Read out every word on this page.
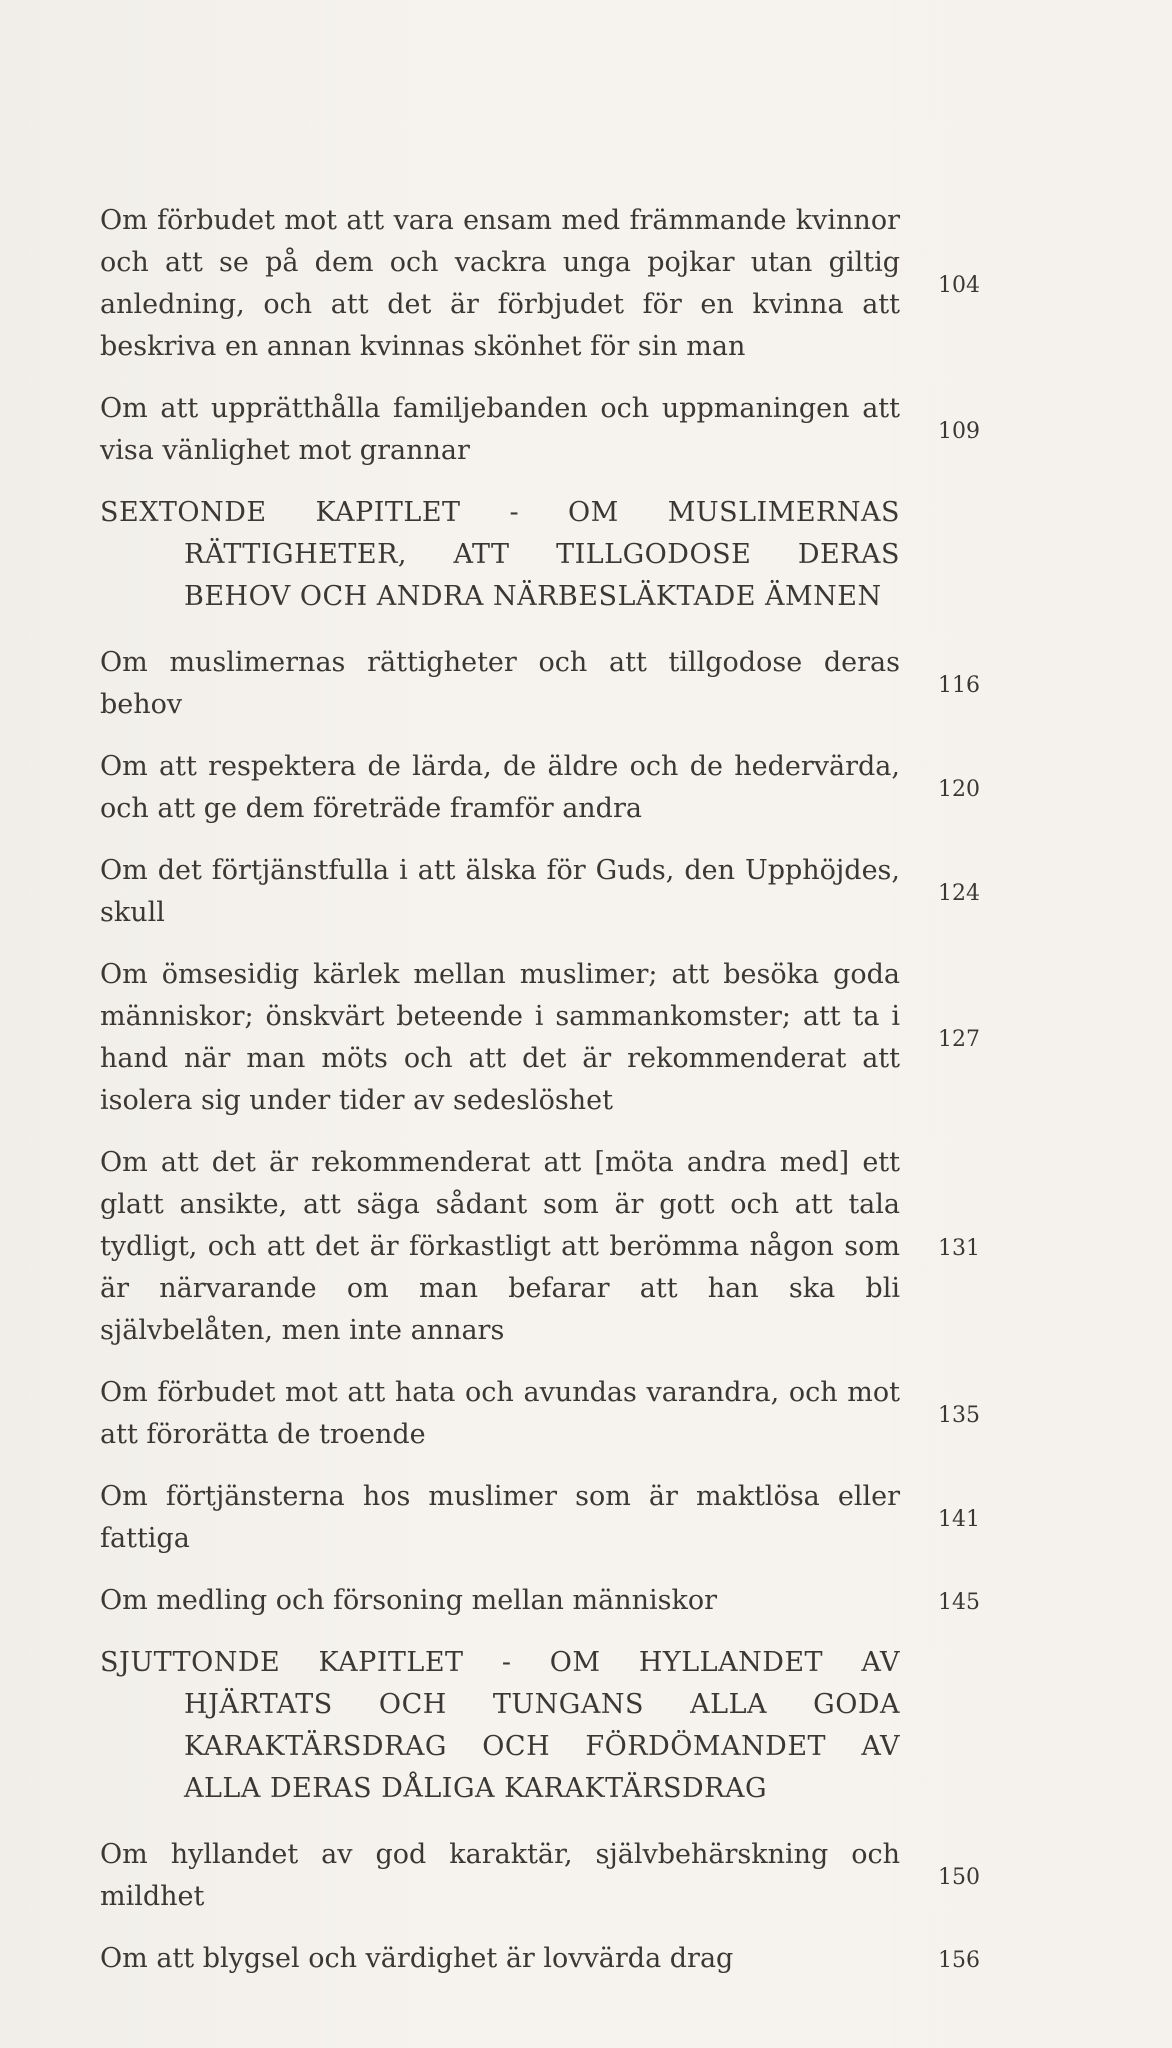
Om förbudet mot att vara ensam med främmande kvinnor och att se på dem och vackra unga pojkar utan giltig anledning, och att det är förbjudet för en kvinna att beskriva en annan kvinnas skönhet för sin man
104
Om att upprätthålla familjebanden och uppmaningen att visa vänlighet mot grannar
109
SEXTONDE KAPITLET - OM MUSLIMERNAS RÄTTIGHETER, ATT TILLGODOSE DERAS BEHOV OCH ANDRA NÄRBESLÄKTADE ÄMNEN
Om muslimernas rättigheter och att tillgodose deras behov
116
Om att respektera de lärda, de äldre och de hedervärda, och att ge dem företräde framför andra
120
Om det förtjänstfulla i att älska för Guds, den Upphöjdes, skull
124
Om ömsesidig kärlek mellan muslimer; att besöka goda människor; önskvärt beteende i sammankomster; att ta i hand när man möts och att det är rekommenderat att isolera sig under tider av sedeslöshet
127
Om att det är rekommenderat att [möta andra med] ett glatt ansikte, att säga sådant som är gott och att tala tydligt, och att det är förkastligt att berömma någon som är närvarande om man befarar att han ska bli självbelåten, men inte annars
131
Om förbudet mot att hata och avundas varandra, och mot att förorätta de troende
135
Om förtjänsterna hos muslimer som är maktlösa eller fattiga
141
Om medling och försoning mellan människor	145
SJUTTONDE KAPITLET - OM HYLLANDET AV HJÄRTATS OCH TUNGANS ALLA GODA KARAKTÄRSDRAG OCH FÖRDÖMANDET AV ALLA DERAS DÅLIGA KARAKTÄRSDRAG
Om hyllandet av god karaktär, självbehärskning och mildhet
150
Om att blygsel och värdighet är lovvärda drag	156
